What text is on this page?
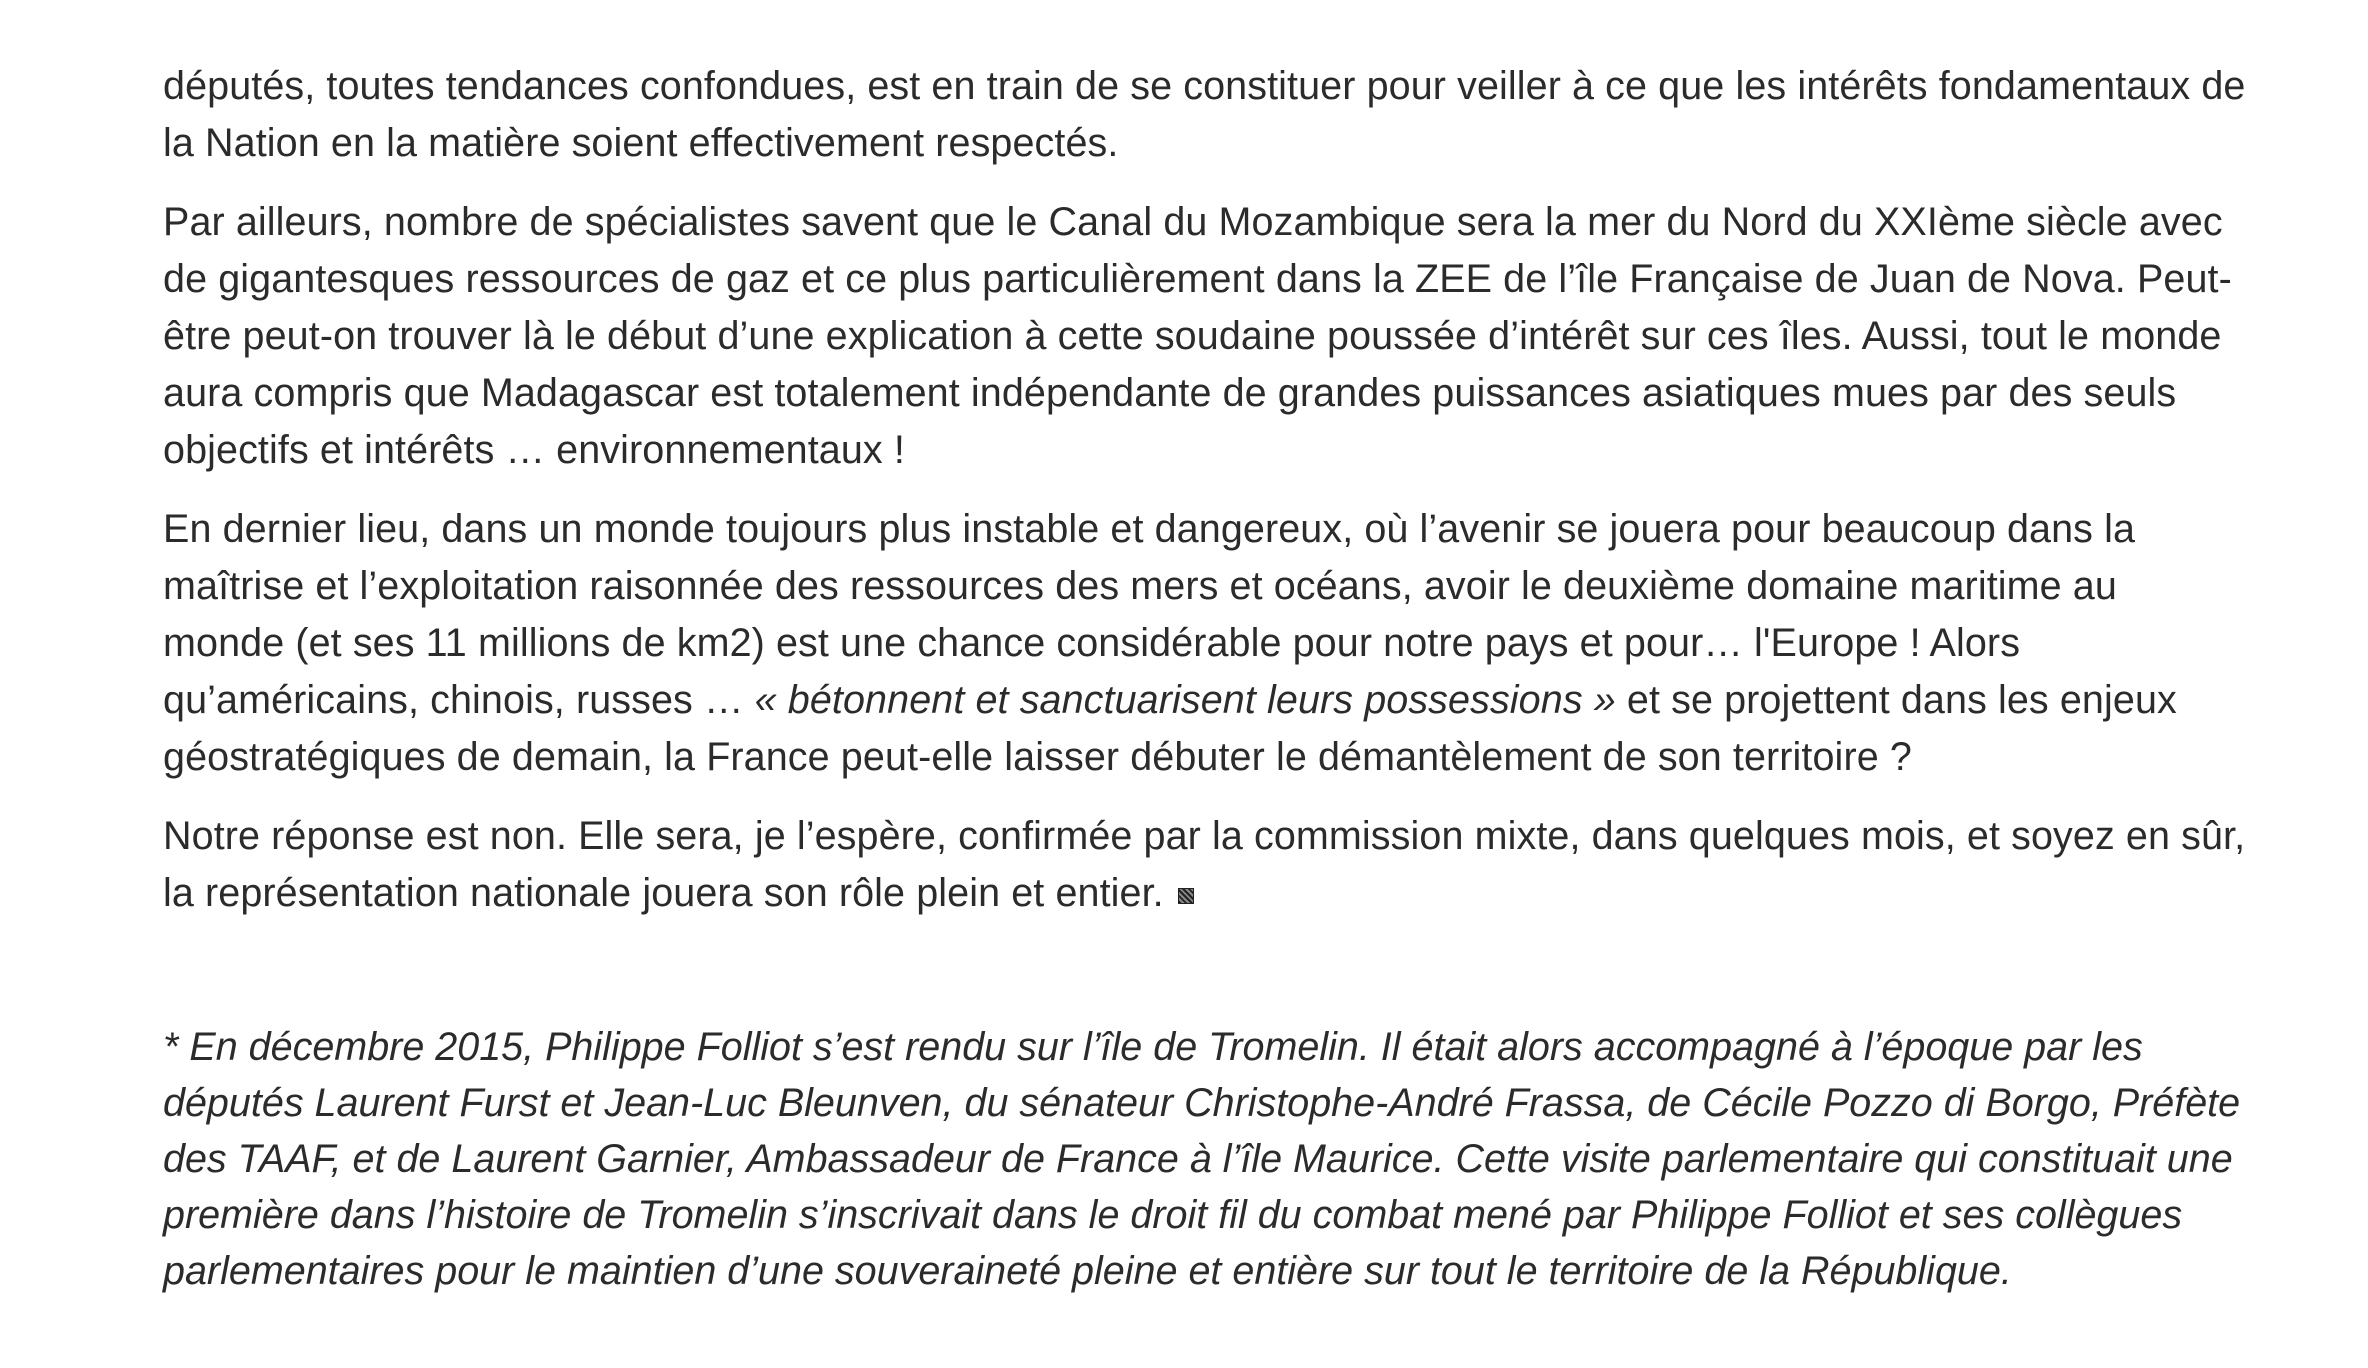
députés, toutes tendances confondues, est en train de se constituer pour veiller à ce que les intérêts fondamentaux de
la Nation en la matière soient effectivement respectés.

Par ailleurs, nombre de spécialistes savent que le Canal du Mozambique sera la mer du Nord du XXIème siècle avec
de gigantesques ressources de gaz et ce plus particulièrement dans la ZEE de l’île Française de Juan de Nova. Peut-
être peut-on trouver là le début d’une explication à cette soudaine poussée d’intérêt sur ces îles. Aussi, tout le monde
aura compris que Madagascar est totalement indépendante de grandes puissances asiatiques mues par des seuls
objectifs et intérêts … environnementaux !

En dernier lieu, dans un monde toujours plus instable et dangereux, où l’avenir se jouera pour beaucoup dans la
maîtrise et l’exploitation raisonnée des ressources des mers et océans, avoir le deuxième domaine maritime au
monde (et ses 11 millions de km2) est une chance considérable pour notre pays et pour… l'Europe ! Alors
qu’américains, chinois, russes … « bétonnent et sanctuarisent leurs possessions » et se projettent dans les enjeux
géostratégiques de demain, la France peut-elle laisser débuter le démantèlement de son territoire ?

Notre réponse est non. Elle sera, je l’espère, confirmée par la commission mixte, dans quelques mois, et soyez en sûr,
la représentation nationale jouera son rôle plein et entier.

* En décembre 2015, Philippe Folliot s’est rendu sur l’île de Tromelin. Il était alors accompagné à l’époque par les
députés Laurent Furst et Jean-Luc Bleunven, du sénateur Christophe-André Frassa, de Cécile Pozzo di Borgo, Préfète
des TAAF, et de Laurent Garnier, Ambassadeur de France à l’île Maurice. Cette visite parlementaire qui constituait une
première dans l’histoire de Tromelin s’inscrivait dans le droit fil du combat mené par Philippe Folliot et ses collègues
parlementaires pour le maintien d’une souveraineté pleine et entière sur tout le territoire de la République.
